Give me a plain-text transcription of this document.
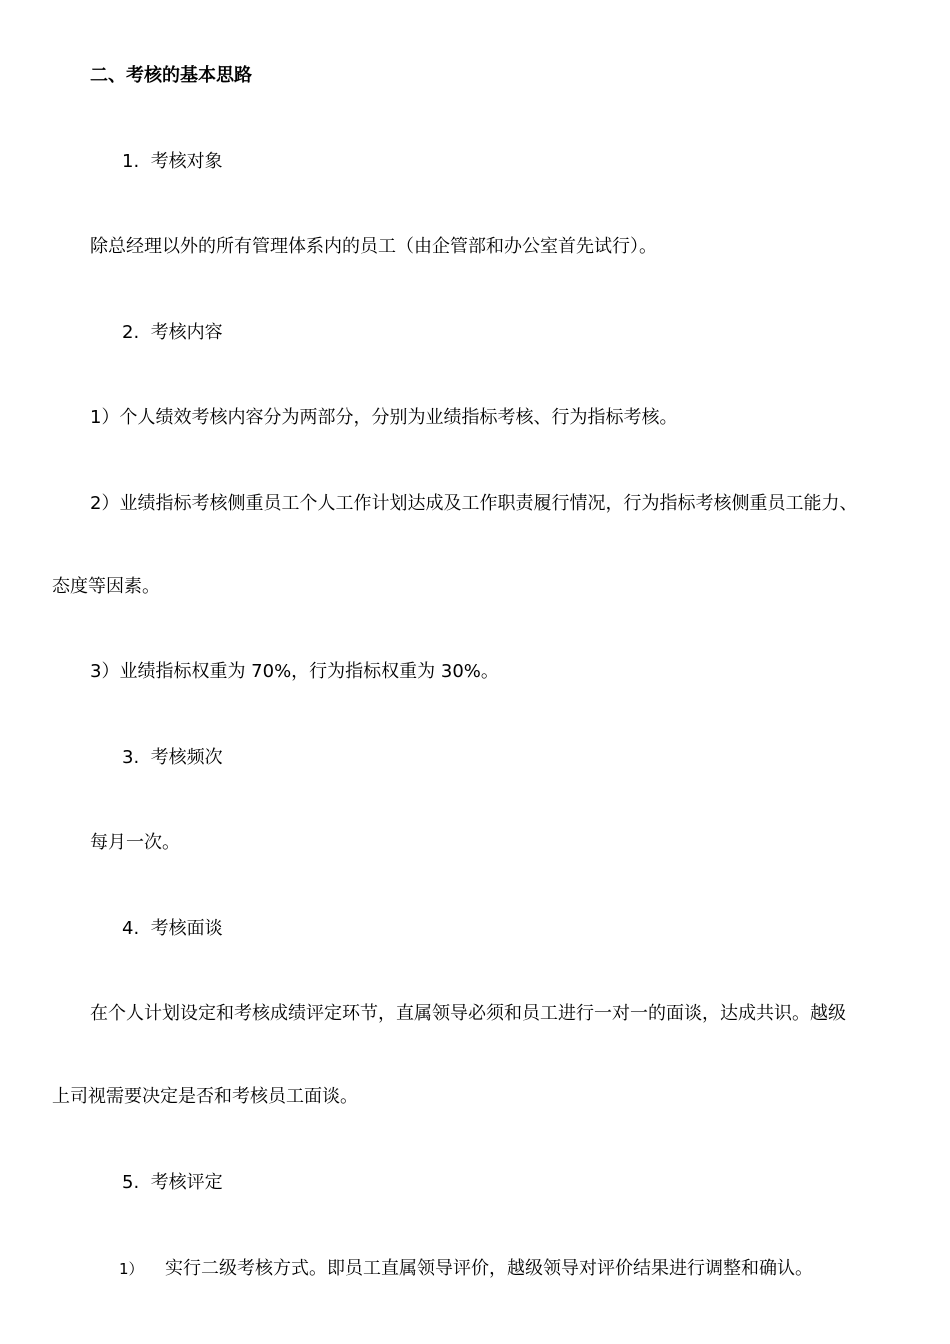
二、考核的基本思路
1. 考核对象
除总经理以外的所有管理体系内的员工（由企管部和办公室首先试行）。
2. 考核内容
1）个人绩效考核内容分为两部分，分别为业绩指标考核、行为指标考核。
2）业绩指标考核侧重员工个人工作计划达成及工作职责履行情况，行为指标考核侧重员工能力、
态度等因素。
3）业绩指标权重为 70%，行为指标权重为 30%。
3. 考核频次
每月一次。
4. 考核面谈
在个人计划设定和考核成绩评定环节，直属领导必须和员工进行一对一的面谈，达成共识。越级
上司视需要决定是否和考核员工面谈。
5. 考核评定
1） 实行二级考核方式。即员工直属领导评价，越级领导对评价结果进行调整和确认。
